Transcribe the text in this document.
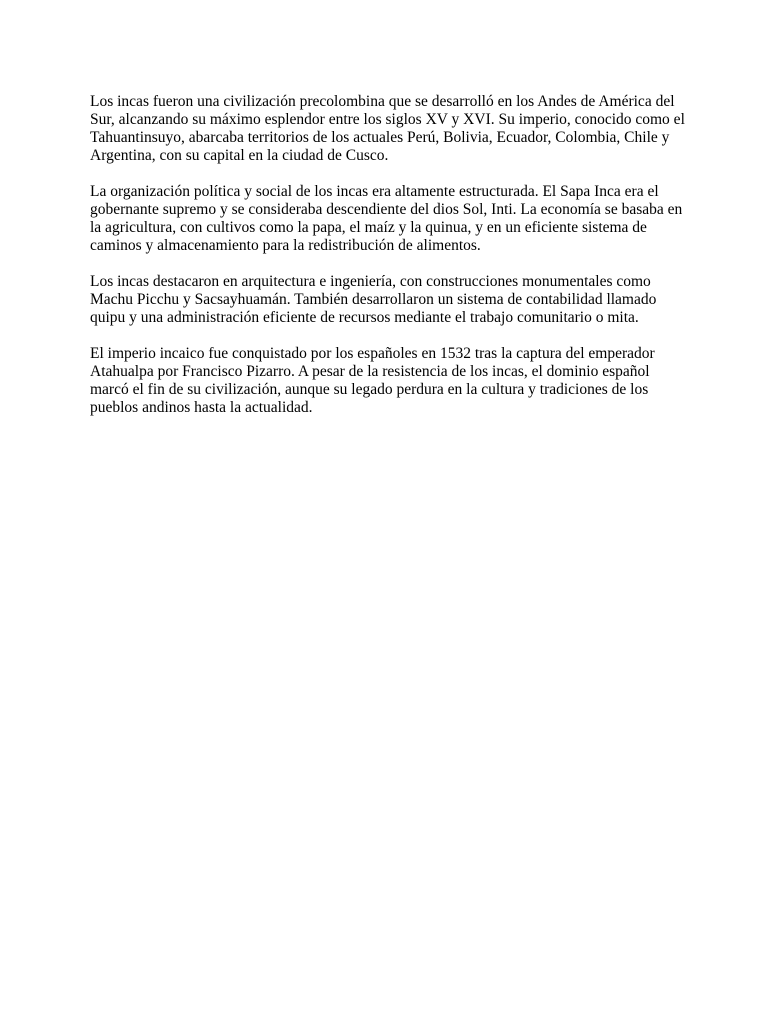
Los incas fueron una civilización precolombina que se desarrolló en los Andes de América del Sur, alcanzando su máximo esplendor entre los siglos XV y XVI. Su imperio, conocido como el Tahuantinsuyo, abarcaba territorios de los actuales Perú, Bolivia, Ecuador, Colombia, Chile y Argentina, con su capital en la ciudad de Cusco.

La organización política y social de los incas era altamente estructurada. El Sapa Inca era el gobernante supremo y se consideraba descendiente del dios Sol, Inti. La economía se basaba en la agricultura, con cultivos como la papa, el maíz y la quinua, y en un eficiente sistema de caminos y almacenamiento para la redistribución de alimentos.

Los incas destacaron en arquitectura e ingeniería, con construcciones monumentales como Machu Picchu y Sacsayhuamán. También desarrollaron un sistema de contabilidad llamado quipu y una administración eficiente de recursos mediante el trabajo comunitario o mita.

El imperio incaico fue conquistado por los españoles en 1532 tras la captura del emperador Atahualpa por Francisco Pizarro. A pesar de la resistencia de los incas, el dominio español marcó el fin de su civilización, aunque su legado perdura en la cultura y tradiciones de los pueblos andinos hasta la actualidad.
